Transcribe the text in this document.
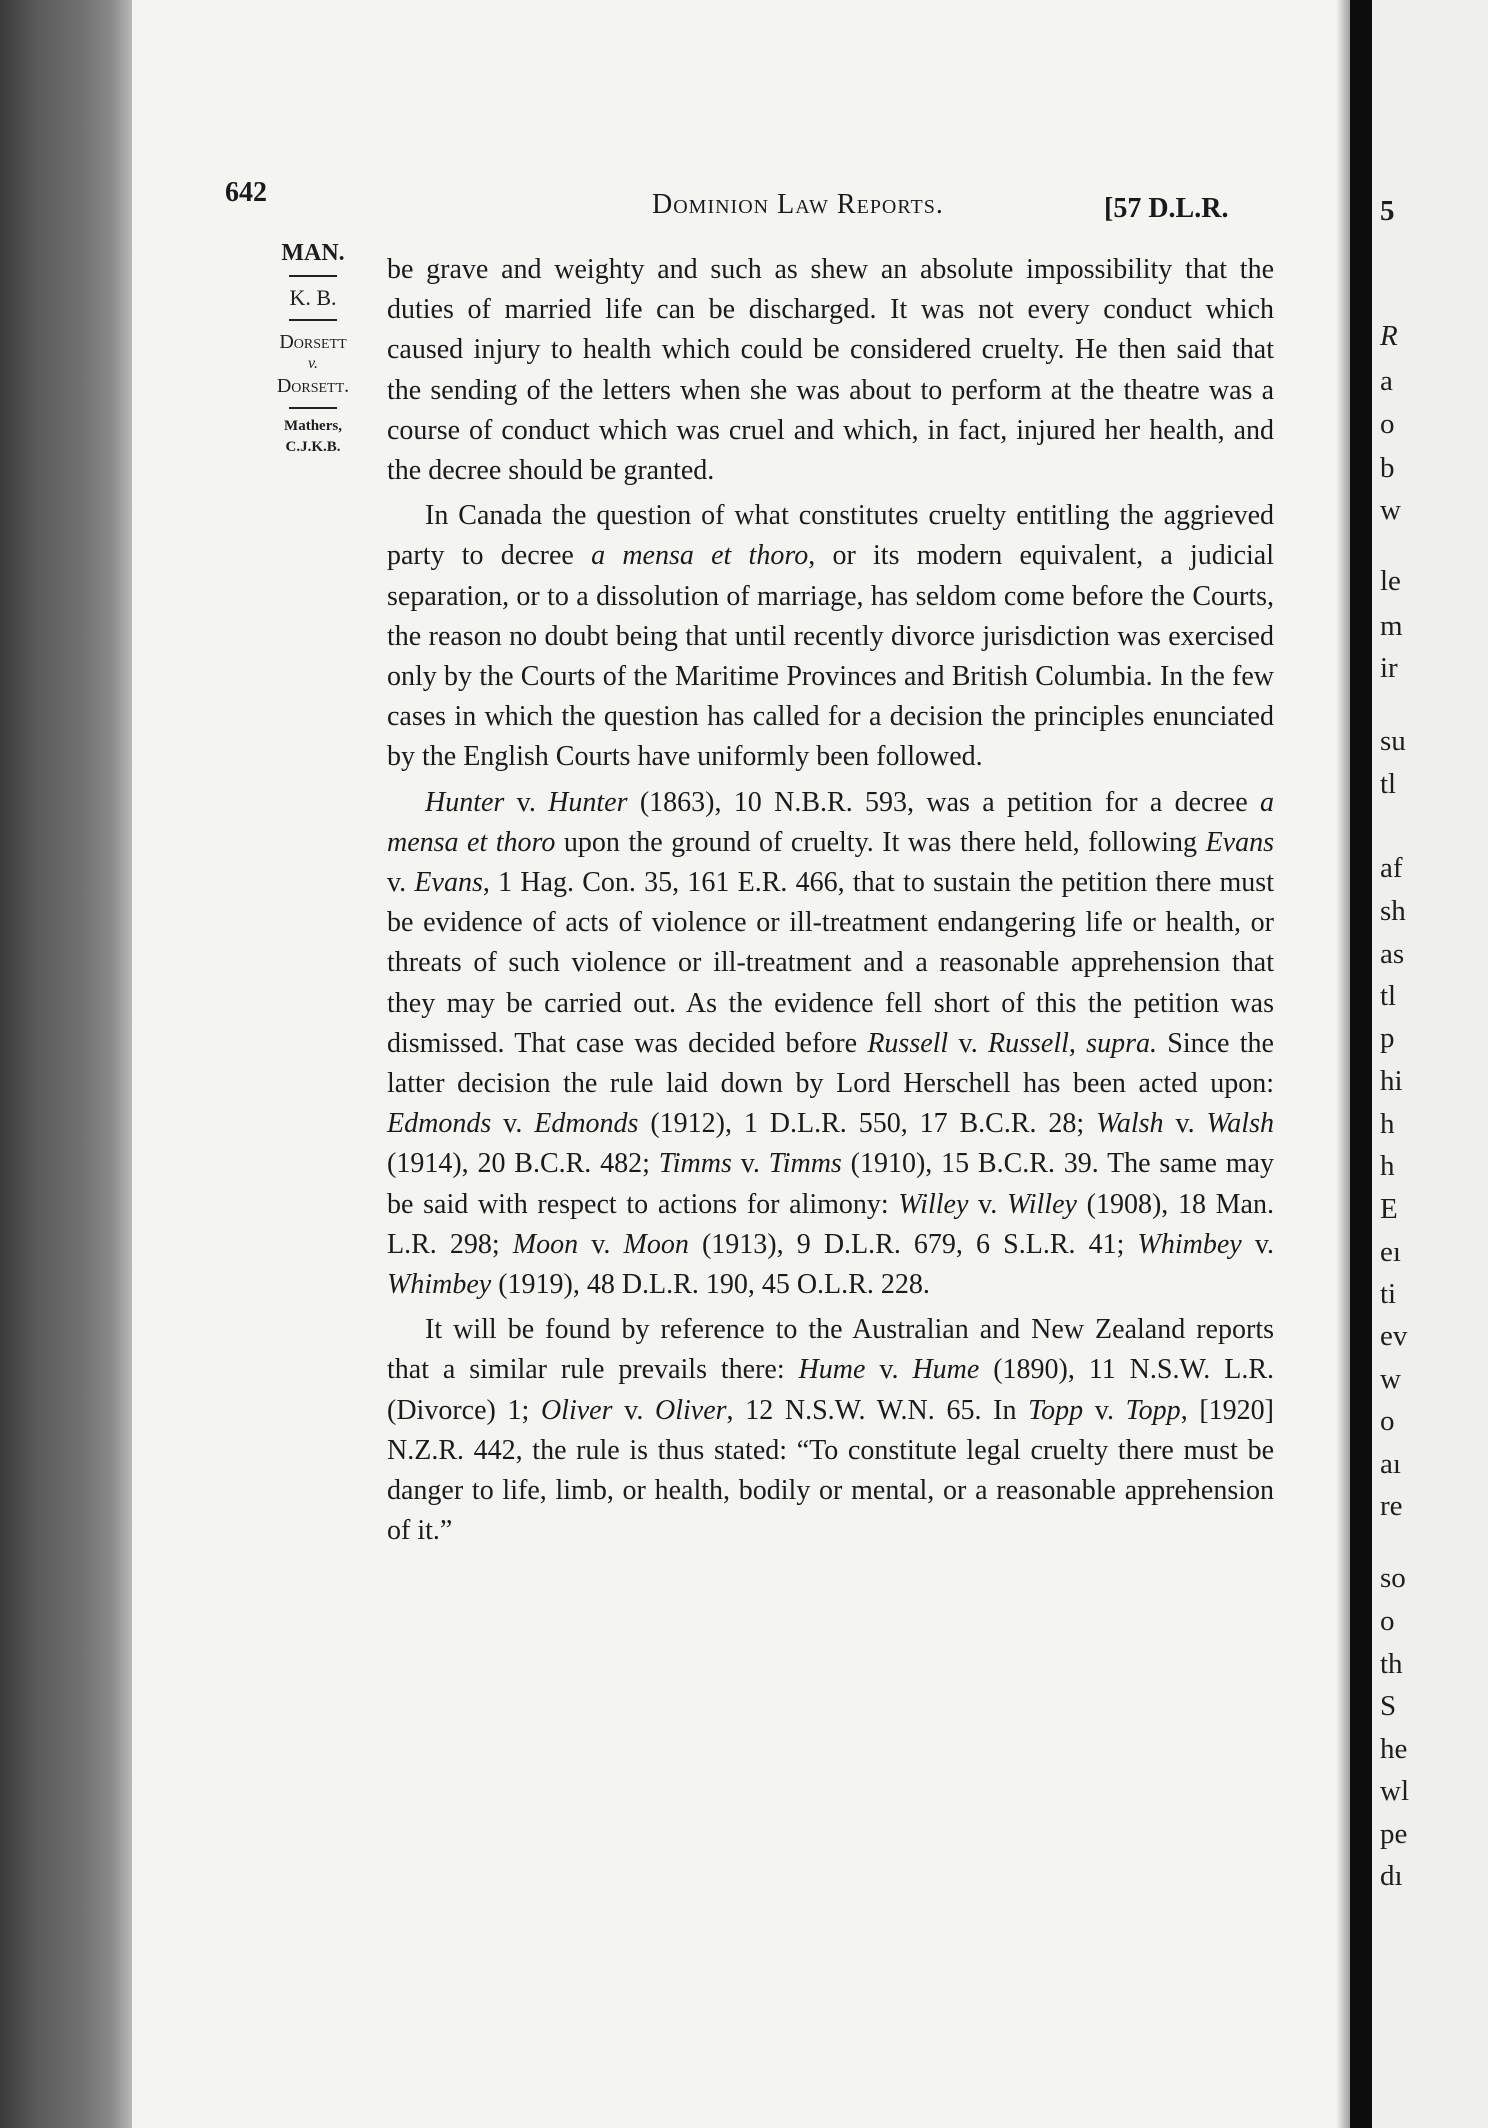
642	Dominion Law Reports.	[57 D.L.R.
MAN.
K. B.
Dorsett
v.
Dorsett.
Mathers,
C.J.K.B.

be grave and weighty and such as shew an absolute impossibility that the duties of married life can be discharged. It was not every conduct which caused injury to health which could be considered cruelty. He then said that the sending of the letters when she was about to perform at the theatre was a course of conduct which was cruel and which, in fact, injured her health, and the decree should be granted.

In Canada the question of what constitutes cruelty entitling the aggrieved party to decree a mensa et thoro, or its modern equivalent, a judicial separation, or to a dissolution of marriage, has seldom come before the Courts, the reason no doubt being that until recently divorce jurisdiction was exercised only by the Courts of the Maritime Provinces and British Columbia. In the few cases in which the question has called for a decision the principles enunciated by the English Courts have uniformly been followed.

Hunter v. Hunter (1863), 10 N.B.R. 593, was a petition for a decree a mensa et thoro upon the ground of cruelty. It was there held, following Evans v. Evans, 1 Hag. Con. 35, 161 E.R. 466, that to sustain the petition there must be evidence of acts of violence or ill-treatment endangering life or health, or threats of such violence or ill-treatment and a reasonable apprehension that they may be carried out. As the evidence fell short of this the petition was dismissed. That case was decided before Russell v. Russell, supra. Since the latter decision the rule laid down by Lord Herschell has been acted upon: Edmonds v. Edmonds (1912), 1 D.L.R. 550, 17 B.C.R. 28; Walsh v. Walsh (1914), 20 B.C.R. 482; Timms v. Timms (1910), 15 B.C.R. 39. The same may be said with respect to actions for alimony: Willey v. Willey (1908), 18 Man. L.R. 298; Moon v. Moon (1913), 9 D.L.R. 679, 6 S.L.R. 41; Whimbey v. Whimbey (1919), 48 D.L.R. 190, 45 O.L.R. 228.

It will be found by reference to the Australian and New Zealand reports that a similar rule prevails there: Hume v. Hume (1890), 11 N.S.W. L.R. (Divorce) 1; Oliver v. Oliver, 12 N.S.W. W.N. 65. In Topp v. Topp, [1920] N.Z.R. 442, the rule is thus stated: “To constitute legal cruelty there must be danger to life, limb, or health, bodily or mental, or a reasonable apprehension of it.”

5
R
a
o
b
w
le
m
ir
su
tl
af
sh
as
tl
p
hi
h
h
E
eı
ti
ev
w
o
aı
re
so
o
th
S
he
wl
pe
dı
